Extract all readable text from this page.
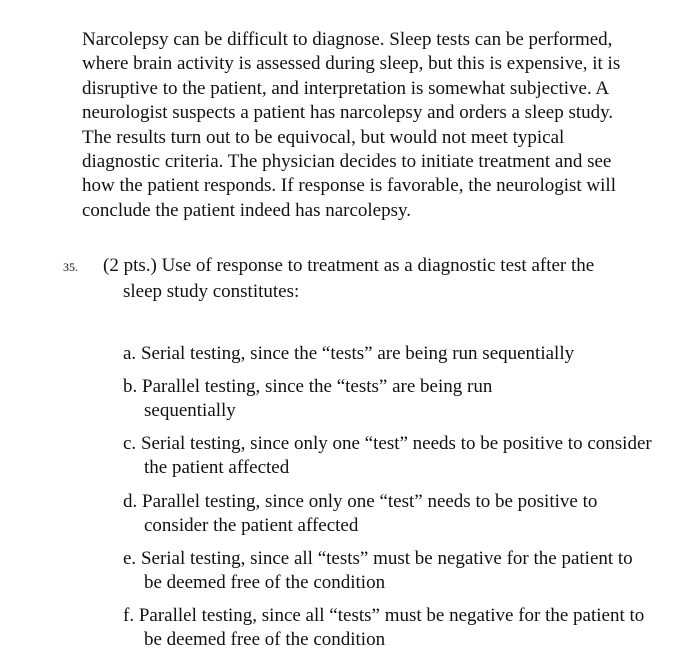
Narcolepsy can be difficult to diagnose. Sleep tests can be performed, where brain activity is assessed during sleep, but this is expensive, it is disruptive to the patient, and interpretation is somewhat subjective. A neurologist suspects a patient has narcolepsy and orders a sleep study. The results turn out to be equivocal, but would not meet typical diagnostic criteria. The physician decides to initiate treatment and see how the patient responds. If response is favorable, the neurologist will conclude the patient indeed has narcolepsy.

35. (2 pts.) Use of response to treatment as a diagnostic test after the sleep study constitutes:
a. Serial testing, since the “tests” are being run sequentially
b. Parallel testing, since the “tests” are being run sequentially
c. Serial testing, since only one “test” needs to be positive to consider the patient affected
d. Parallel testing, since only one “test” needs to be positive to consider the patient affected
e. Serial testing, since all “tests” must be negative for the patient to be deemed free of the condition
f. Parallel testing, since all “tests” must be negative for the patient to be deemed free of the condition
